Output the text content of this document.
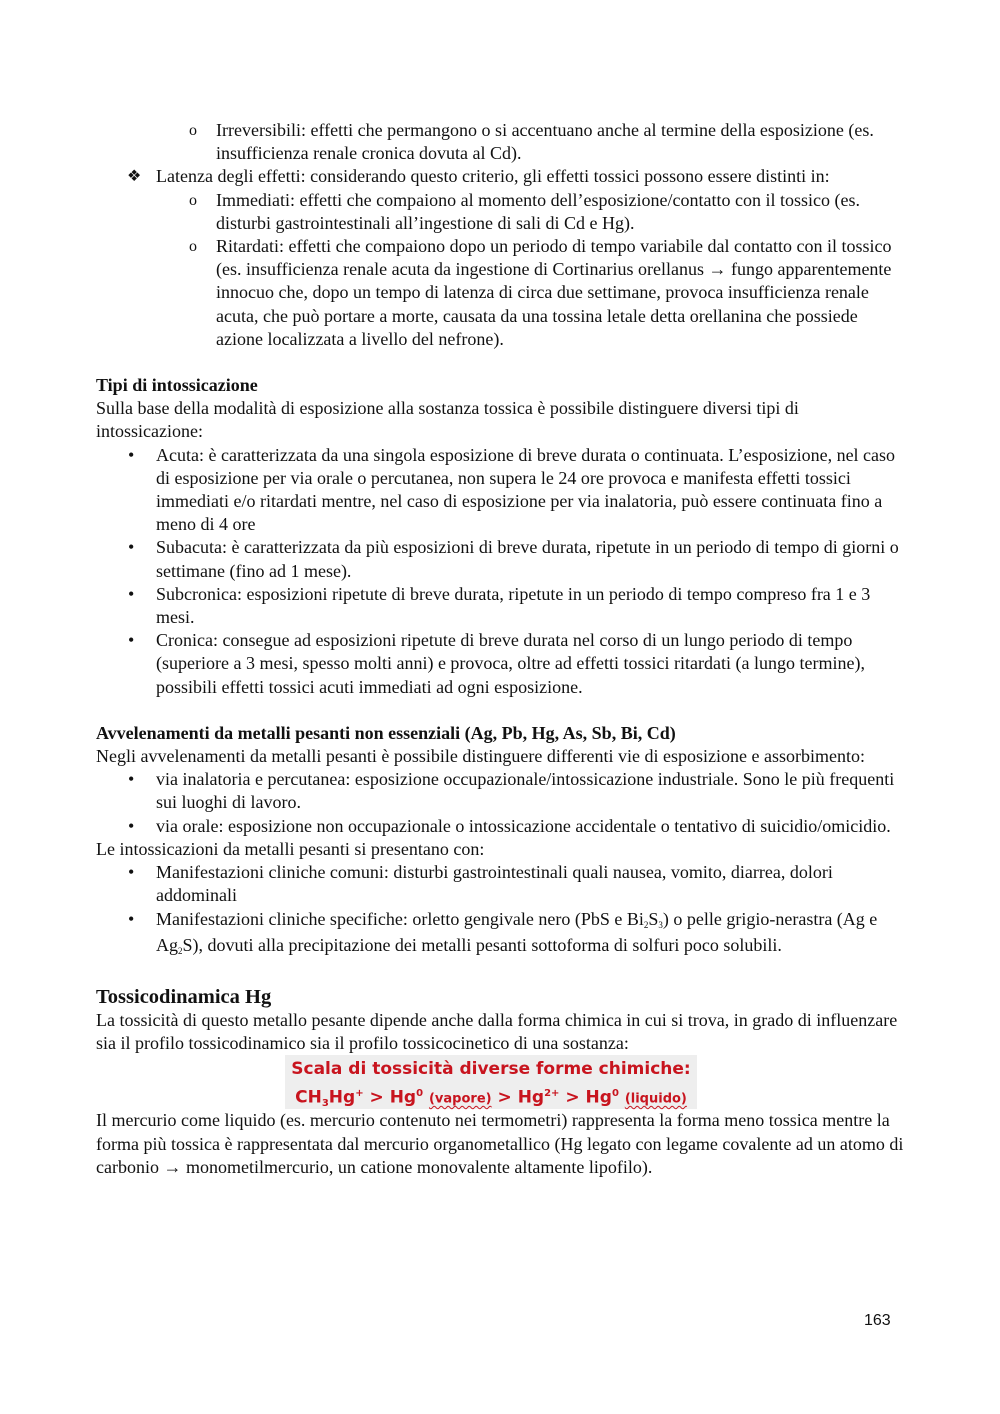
o Irreversibili: effetti che permangono o si accentuano anche al termine della esposizione (es. insufficienza renale cronica dovuta al Cd).
❖ Latenza degli effetti: considerando questo criterio, gli effetti tossici possono essere distinti in:
o Immediati: effetti che compaiono al momento dell’esposizione/contatto con il tossico (es. disturbi gastrointestinali all’ingestione di sali di Cd e Hg).
o Ritardati: effetti che compaiono dopo un periodo di tempo variabile dal contatto con il tossico (es. insufficienza renale acuta da ingestione di Cortinarius orellanus → fungo apparentemente innocuo che, dopo un tempo di latenza di circa due settimane, provoca insufficienza renale acuta, che può portare a morte, causata da una tossina letale detta orellanina che possiede azione localizzata a livello del nefrone).
Tipi di intossicazione

Sulla base della modalità di esposizione alla sostanza tossica è possibile distinguere diversi tipi di intossicazione:

• Acuta: è caratterizzata da una singola esposizione di breve durata o continuata. L’esposizione, nel caso di esposizione per via orale o percutanea, non supera le 24 ore provoca e manifesta effetti tossici immediati e/o ritardati mentre, nel caso di esposizione per via inalatoria, può essere continuata fino a meno di 4 ore
• Subacuta: è caratterizzata da più esposizioni di breve durata, ripetute in un periodo di tempo di giorni o settimane (fino ad 1 mese).
• Subcronica: esposizioni ripetute di breve durata, ripetute in un periodo di tempo compreso fra 1 e 3 mesi.
• Cronica: consegue ad esposizioni ripetute di breve durata nel corso di un lungo periodo di tempo (superiore a 3 mesi, spesso molti anni) e provoca, oltre ad effetti tossici ritardati (a lungo termine), possibili effetti tossici acuti immediati ad ogni esposizione.
Avvelenamenti da metalli pesanti non essenziali (Ag, Pb, Hg, As, Sb, Bi, Cd)

Negli avvelenamenti da metalli pesanti è possibile distinguere differenti vie di esposizione e assorbimento:

• via inalatoria e percutanea: esposizione occupazionale/intossicazione industriale. Sono le più frequenti sui luoghi di lavoro.
• via orale: esposizione non occupazionale o intossicazione accidentale o tentativo di suicidio/omicidio.

Le intossicazioni da metalli pesanti si presentano con:

• Manifestazioni cliniche comuni: disturbi gastrointestinali quali nausea, vomito, diarrea, dolori addominali
• Manifestazioni cliniche specifiche: orletto gengivale nero (PbS e $Bi_2S_3$) o pelle grigio-nerastra (Ag e $Ag_2S$), dovuti alla precipitazione dei metalli pesanti sottoforma di solfuri poco solubili.
Tossicodinamica Hg

La tossicità di questo metallo pesante dipende anche dalla forma chimica in cui si trova, in grado di influenzare sia il profilo tossicodinamico sia il profilo tossicocinetico di una sostanza:

Scala di tossicità diverse forme chimiche:
$CH_3Hg^+ > Hg^0$ (vapore) > $Hg^{2+} > Hg^0$ (liquido)

Il mercurio come liquido (es. mercurio contenuto nei termometri) rappresenta la forma meno tossica mentre la forma più tossica è rappresentata dal mercurio organometallico (Hg legato con legame covalente ad un atomo di carbonio → monometilmercurio, un catione monovalente altamente lipofilo).

163
